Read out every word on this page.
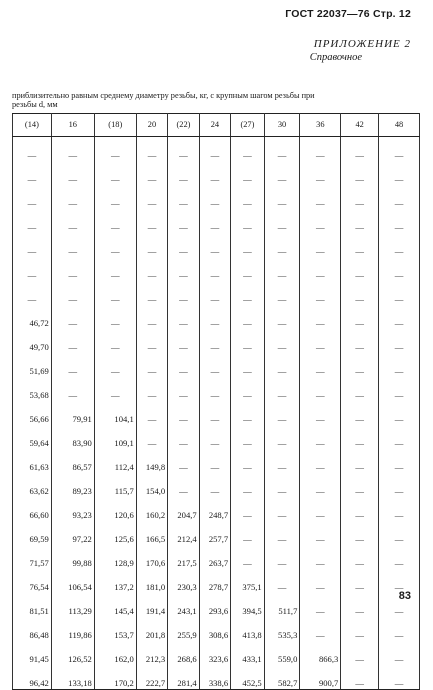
ГОСТ 22037—76 Стр. 12
ПРИЛОЖЕНИЕ 2
Справочное
приблизительно равным среднему диаметру резьбы, кг, с крупным шагом резьбы при
резьбы d, мм
(14)	16	(18)	20	(22)	24	(27)	30	36	42	48
—	—	—	—	—	—	—	—	—	—	—
—	—	—	—	—	—	—	—	—	—	—
—	—	—	—	—	—	—	—	—	—	—
—	—	—	—	—	—	—	—	—	—	—
—	—	—	—	—	—	—	—	—	—	—
—	—	—	—	—	—	—	—	—	—	—
—	—	—	—	—	—	—	—	—	—	—
46,72	—	—	—	—	—	—	—	—	—	—
49,70	—	—	—	—	—	—	—	—	—	—
51,69	—	—	—	—	—	—	—	—	—	—
53,68	—	—	—	—	—	—	—	—	—	—
56,66	79,91	104,1	—	—	—	—	—	—	—	—
59,64	83,90	109,1	—	—	—	—	—	—	—	—
61,63	86,57	112,4	149,8	—	—	—	—	—	—	—
63,62	89,23	115,7	154,0	—	—	—	—	—	—	—
66,60	93,23	120,6	160,2	204,7	248,7	—	—	—	—	—
69,59	97,22	125,6	166,5	212,4	257,7	—	—	—	—	—
71,57	99,88	128,9	170,6	217,5	263,7	—	—	—	—	—
76,54	106,54	137,2	181,0	230,3	278,7	375,1	—	—	—	—
81,51	113,29	145,4	191,4	243,1	293,6	394,5	511,7	—	—	—
86,48	119,86	153,7	201,8	255,9	308,6	413,8	535,3	—	—	—
91,45	126,52	162,0	212,3	268,6	323,6	433,1	559,0	866,3	—	—
96,42	133,18	170,2	222,7	281,4	338,6	452,5	582,7	900,7	—	—
83
